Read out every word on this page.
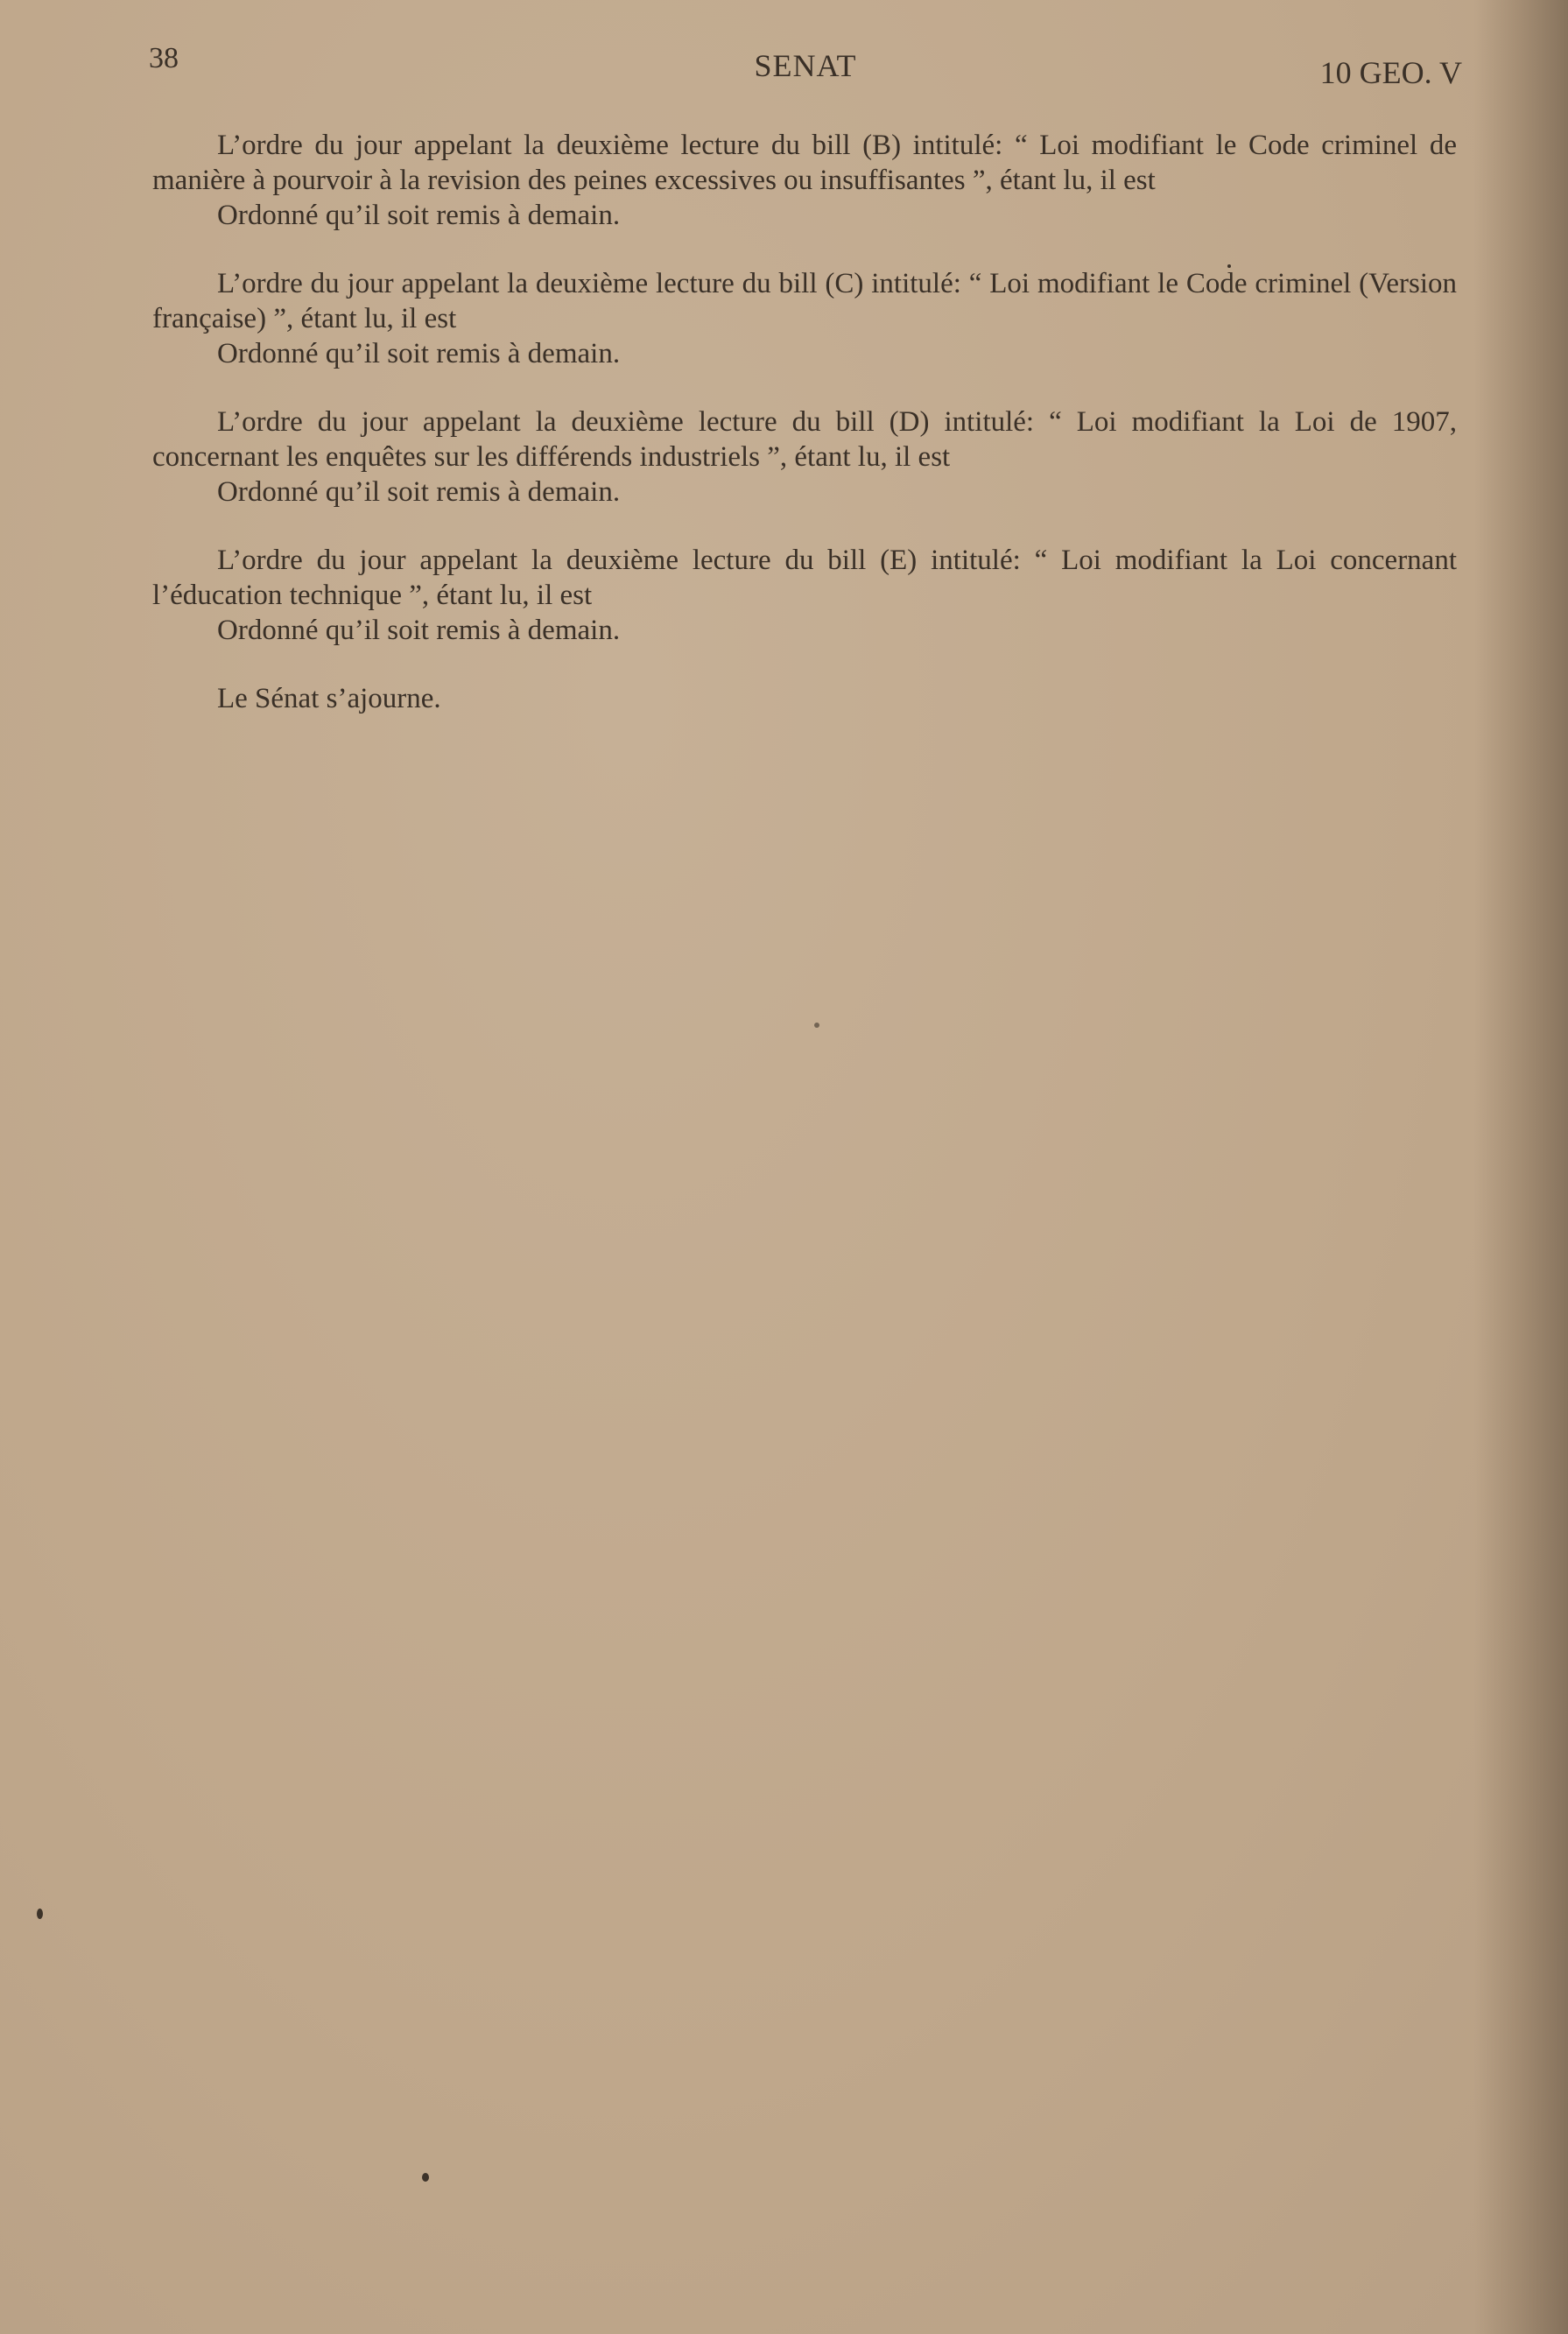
38	SENAT	10 GEO. V

L’ordre du jour appelant la deuxième lecture du bill (B) intitulé: “ Loi modifiant le Code criminel de manière à pourvoir à la revision des peines excessives ou insuffisantes ”, étant lu, il est

Ordonné qu’il soit remis à demain.

L’ordre du jour appelant la deuxième lecture du bill (C) intitulé: “ Loi modifiant le Code criminel (Version française) ”, étant lu, il est

Ordonné qu’il soit remis à demain.

L’ordre du jour appelant la deuxième lecture du bill (D) intitulé: “ Loi modifiant la Loi de 1907, concernant les enquêtes sur les différends industriels ”, étant lu, il est

Ordonné qu’il soit remis à demain.

L’ordre du jour appelant la deuxième lecture du bill (E) intitulé: “ Loi modifiant la Loi concernant l’éducation technique ”, étant lu, il est

Ordonné qu’il soit remis à demain.

Le Sénat s’ajourne.
